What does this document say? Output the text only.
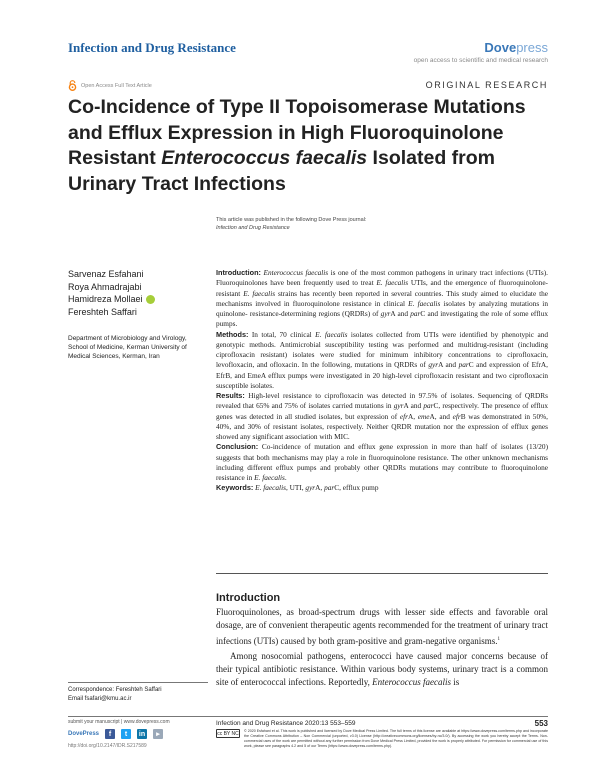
Infection and Drug Resistance	Dovepress
open access to scientific and medical research
Open Access Full Text Article	ORIGINAL RESEARCH
Co-Incidence of Type II Topoisomerase Mutations and Efflux Expression in High Fluoroquinolone Resistant Enterococcus faecalis Isolated from Urinary Tract Infections
This article was published in the following Dove Press journal:
Infection and Drug Resistance
Sarvenaz Esfahani
Roya Ahmadrajabi
Hamidreza Mollaei
Fereshteh Saffari
Department of Microbiology and Virology, School of Medicine, Kerman University of Medical Sciences, Kerman, Iran

Introduction: Enterococcus faecalis is one of the most common pathogens in urinary tract infections (UTIs). Fluoroquinolones have been frequently used to treat E. faecalis UTIs, and the emergence of fluoroquinolone-resistant E. faecalis strains has recently been reported in several countries. This study aimed to elucidate the mechanisms involved in fluoroquinolone resistance in clinical E. faecalis isolates by analyzing mutations in quinolone- resistance-determining regions (QRDRs) of gyrA and parC and investigating the role of some efflux pumps.

Methods: In total, 70 clinical E. faecalis isolates collected from UTIs were identified by phenotypic and genotypic methods. Antimicrobial susceptibility testing was performed and multidrug-resistant (including ciprofloxacin resistant) isolates were studied for minimum inhibitory concentrations to ciprofloxacin, levofloxacin, and ofloxacin. In the following, mutations in QRDRs of gyrA and parC and expression of EfrA, EfrB, and EmeA efflux pumps were investigated in 20 high-level ciprofloxacin resistant and two ciprofloxacin susceptible isolates.

Results: High-level resistance to ciprofloxacin was detected in 97.5% of isolates. Sequencing of QRDRs revealed that 65% and 75% of isolates carried mutations in gyrA and parC, respectively. The presence of efflux genes was detected in all studied isolates, but expression of efrA, emeA, and efrB was demonstrated in 50%, 40%, and 30% of resistant isolates, respectively. Neither QRDR mutation nor the expression of efflux genes showed any significant association with MIC.

Conclusion: Co-incidence of mutation and efflux gene expression in more than half of isolates (13/20) suggests that both mechanisms may play a role in fluoroquinolone resistance. The other unknown mechanisms including different efflux pumps and probably other QRDRs mutations may contribute to fluoroquinolone resistance in E. faecalis.

Keywords: E. faecalis, UTI, gyrA, parC, efflux pump

Introduction

Fluoroquinolones, as broad-spectrum drugs with lesser side effects and favorable oral dosage, are of convenient therapeutic agents recommended for the treatment of urinary tract infections (UTIs) caused by both gram-positive and gram-negative organisms.$^1$

Among nosocomial pathogens, enterococci have caused major concerns because of their typical antibiotic resistance. Within various body systems, urinary tract is a common site of enterococcal infections. Reportedly, Enterococcus faecalis is

Correspondence: Fereshteh Saffari
Email fsafari@kmu.ac.ir
submit your manuscript | www.dovepress.com
DovePress	f	t	in	▸
http://doi.org/10.2147/IDR.S217589
Infection and Drug Resistance 2020:13 553–559	553
cc BY NC	© 2020 Esfahani et al. This work is published and licensed by Dove Medical Press Limited. The full terms of this license are available at https://www.dovepress.com/terms.php and incorporate the Creative Commons Attribution – Non Commercial (unported, v3.0) License (http://creativecommons.org/licenses/by-nc/3.0/). By accessing the work you hereby accept the Terms. Non-commercial uses of the work are permitted without any further permission from Dove Medical Press Limited, provided the work is properly attributed. For permission for commercial use of this work, please see paragraphs 4.2 and 5 of our Terms (https://www.dovepress.com/terms.php).
